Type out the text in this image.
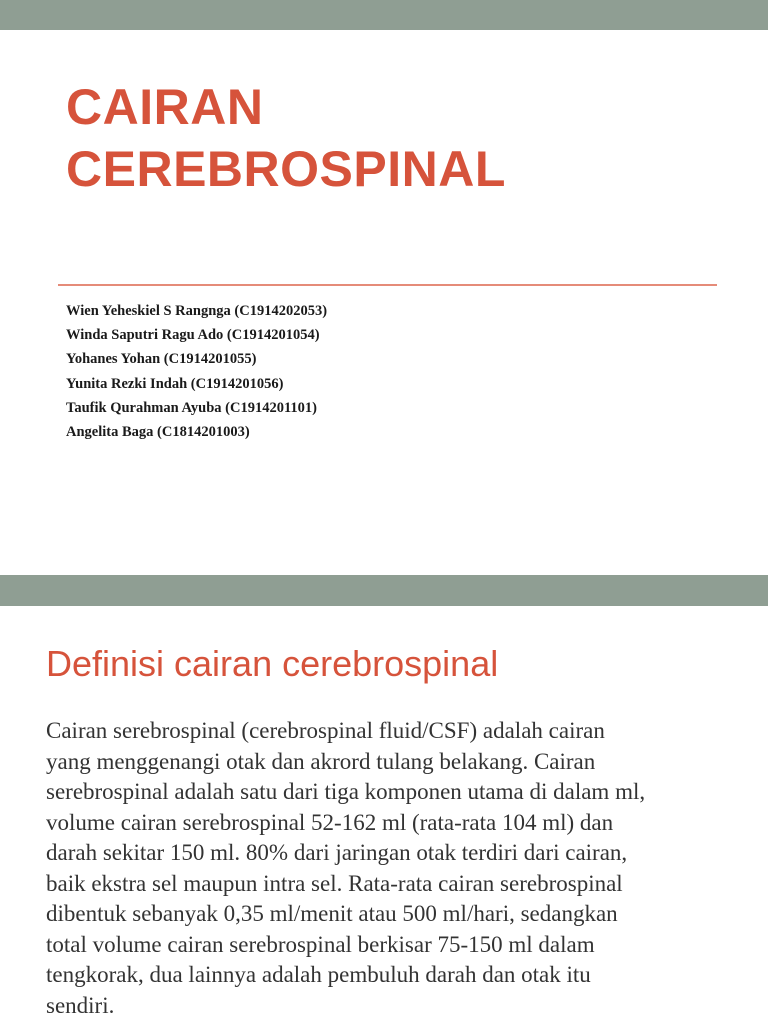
CAIRAN
CEREBROSPINAL
Wien Yeheskiel S Rangnga (C1914202053)
Winda Saputri Ragu Ado (C1914201054)
Yohanes Yohan (C1914201055)
Yunita Rezki Indah (C1914201056)
Taufik Qurahman Ayuba (C1914201101)
Angelita Baga (C1814201003)
Definisi cairan cerebrospinal

Cairan serebrospinal (cerebrospinal fluid/CSF) adalah cairan
yang menggenangi otak dan akrord tulang belakang. Cairan
serebrospinal adalah satu dari tiga komponen utama di dalam ml,
volume cairan serebrospinal 52-162 ml (rata-rata 104 ml) dan
darah sekitar 150 ml. 80% dari jaringan otak terdiri dari cairan,
baik ekstra sel maupun intra sel. Rata-rata cairan serebrospinal
dibentuk sebanyak 0,35 ml/menit atau 500 ml/hari, sedangkan
total volume cairan serebrospinal berkisar 75-150 ml dalam
tengkorak, dua lainnya adalah pembuluh darah dan otak itu
sendiri.
